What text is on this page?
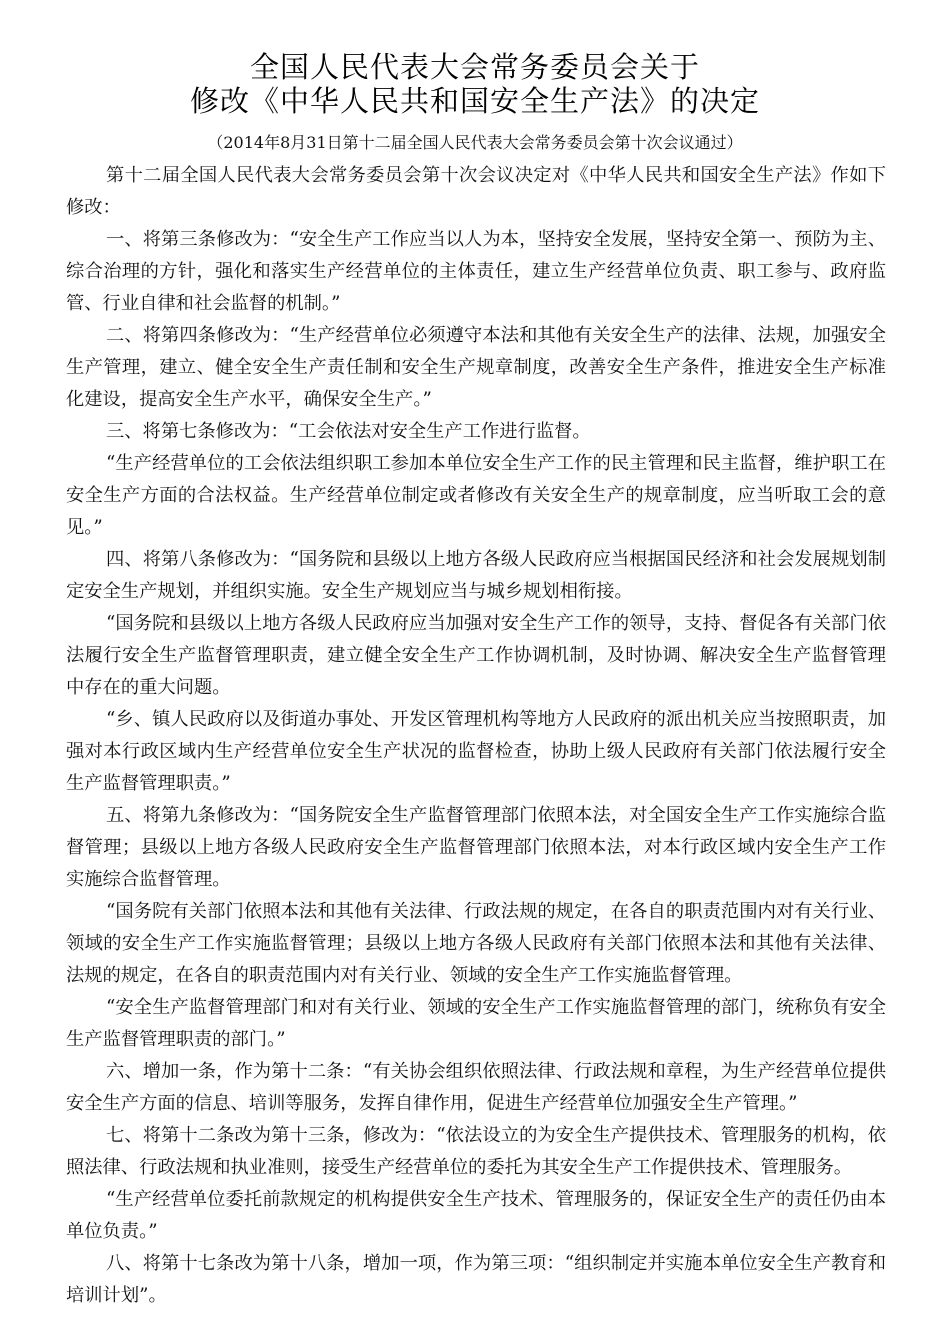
全国人民代表大会常务委员会关于
修改《中华人民共和国安全生产法》的决定
（2014年8月31日第十二届全国人民代表大会常务委员会第十次会议通过）

第十二届全国人民代表大会常务委员会第十次会议决定对《中华人民共和国安全生产法》作如下修改：

一、将第三条修改为：“安全生产工作应当以人为本，坚持安全发展，坚持安全第一、预防为主、综合治理的方针，强化和落实生产经营单位的主体责任，建立生产经营单位负责、职工参与、政府监管、行业自律和社会监督的机制。”

二、将第四条修改为：“生产经营单位必须遵守本法和其他有关安全生产的法律、法规，加强安全生产管理，建立、健全安全生产责任制和安全生产规章制度，改善安全生产条件，推进安全生产标准化建设，提高安全生产水平，确保安全生产。”

三、将第七条修改为：“工会依法对安全生产工作进行监督。

“生产经营单位的工会依法组织职工参加本单位安全生产工作的民主管理和民主监督，维护职工在安全生产方面的合法权益。生产经营单位制定或者修改有关安全生产的规章制度，应当听取工会的意见。”

四、将第八条修改为：“国务院和县级以上地方各级人民政府应当根据国民经济和社会发展规划制定安全生产规划，并组织实施。安全生产规划应当与城乡规划相衔接。

“国务院和县级以上地方各级人民政府应当加强对安全生产工作的领导，支持、督促各有关部门依法履行安全生产监督管理职责，建立健全安全生产工作协调机制，及时协调、解决安全生产监督管理中存在的重大问题。

“乡、镇人民政府以及街道办事处、开发区管理机构等地方人民政府的派出机关应当按照职责，加强对本行政区域内生产经营单位安全生产状况的监督检查，协助上级人民政府有关部门依法履行安全生产监督管理职责。”

五、将第九条修改为：“国务院安全生产监督管理部门依照本法，对全国安全生产工作实施综合监督管理；县级以上地方各级人民政府安全生产监督管理部门依照本法，对本行政区域内安全生产工作实施综合监督管理。

“国务院有关部门依照本法和其他有关法律、行政法规的规定，在各自的职责范围内对有关行业、领域的安全生产工作实施监督管理；县级以上地方各级人民政府有关部门依照本法和其他有关法律、法规的规定，在各自的职责范围内对有关行业、领域的安全生产工作实施监督管理。

“安全生产监督管理部门和对有关行业、领域的安全生产工作实施监督管理的部门，统称负有安全生产监督管理职责的部门。”

六、增加一条，作为第十二条：“有关协会组织依照法律、行政法规和章程，为生产经营单位提供安全生产方面的信息、培训等服务，发挥自律作用，促进生产经营单位加强安全生产管理。”

七、将第十二条改为第十三条，修改为：“依法设立的为安全生产提供技术、管理服务的机构，依照法律、行政法规和执业准则，接受生产经营单位的委托为其安全生产工作提供技术、管理服务。

“生产经营单位委托前款规定的机构提供安全生产技术、管理服务的，保证安全生产的责任仍由本单位负责。”

八、将第十七条改为第十八条，增加一项，作为第三项：“组织制定并实施本单位安全生产教育和培训计划”。
